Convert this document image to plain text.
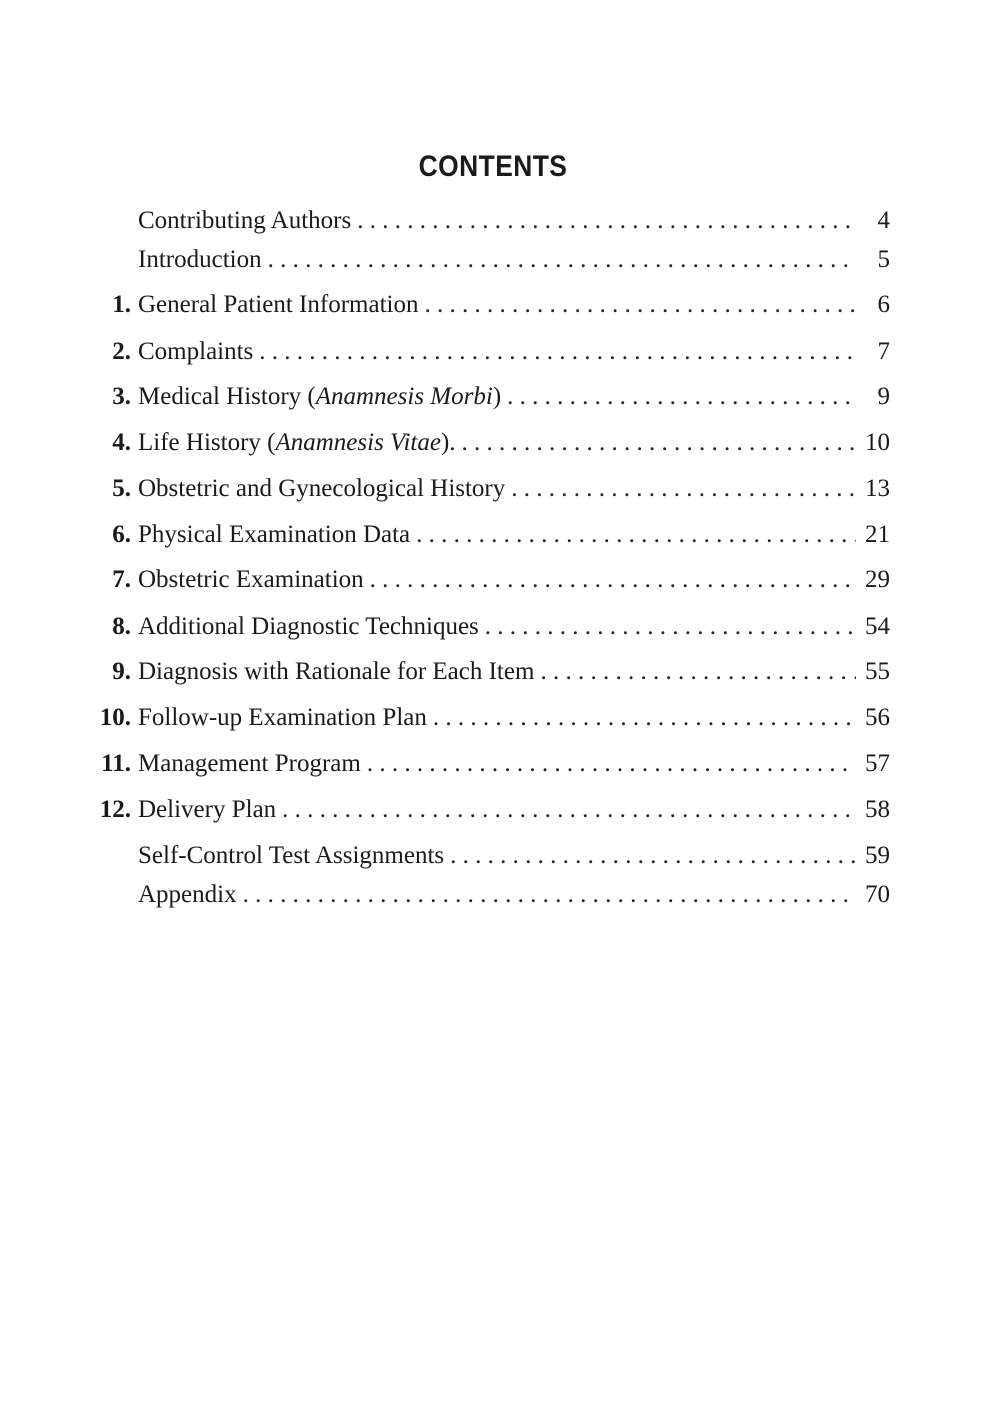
CONTENTS
Contributing Authors . . .	4
Introduction . . .	5
1. General Patient Information . . .	6
2. Complaints . . .	7
3. Medical History (Anamnesis Morbi) . . .	9
4. Life History (Anamnesis Vitae). . . .	10
5. Obstetric and Gynecological History . . .	13
6. Physical Examination Data . . .	21
7. Obstetric Examination . . .	29
8. Additional Diagnostic Techniques . . .	54
9. Diagnosis with Rationale for Each Item . . .	55
10. Follow-up Examination Plan . . .	56
11. Management Program . . .	57
12. Delivery Plan . . .	58
Self-Control Test Assignments . . .	59
Appendix . . .	70
